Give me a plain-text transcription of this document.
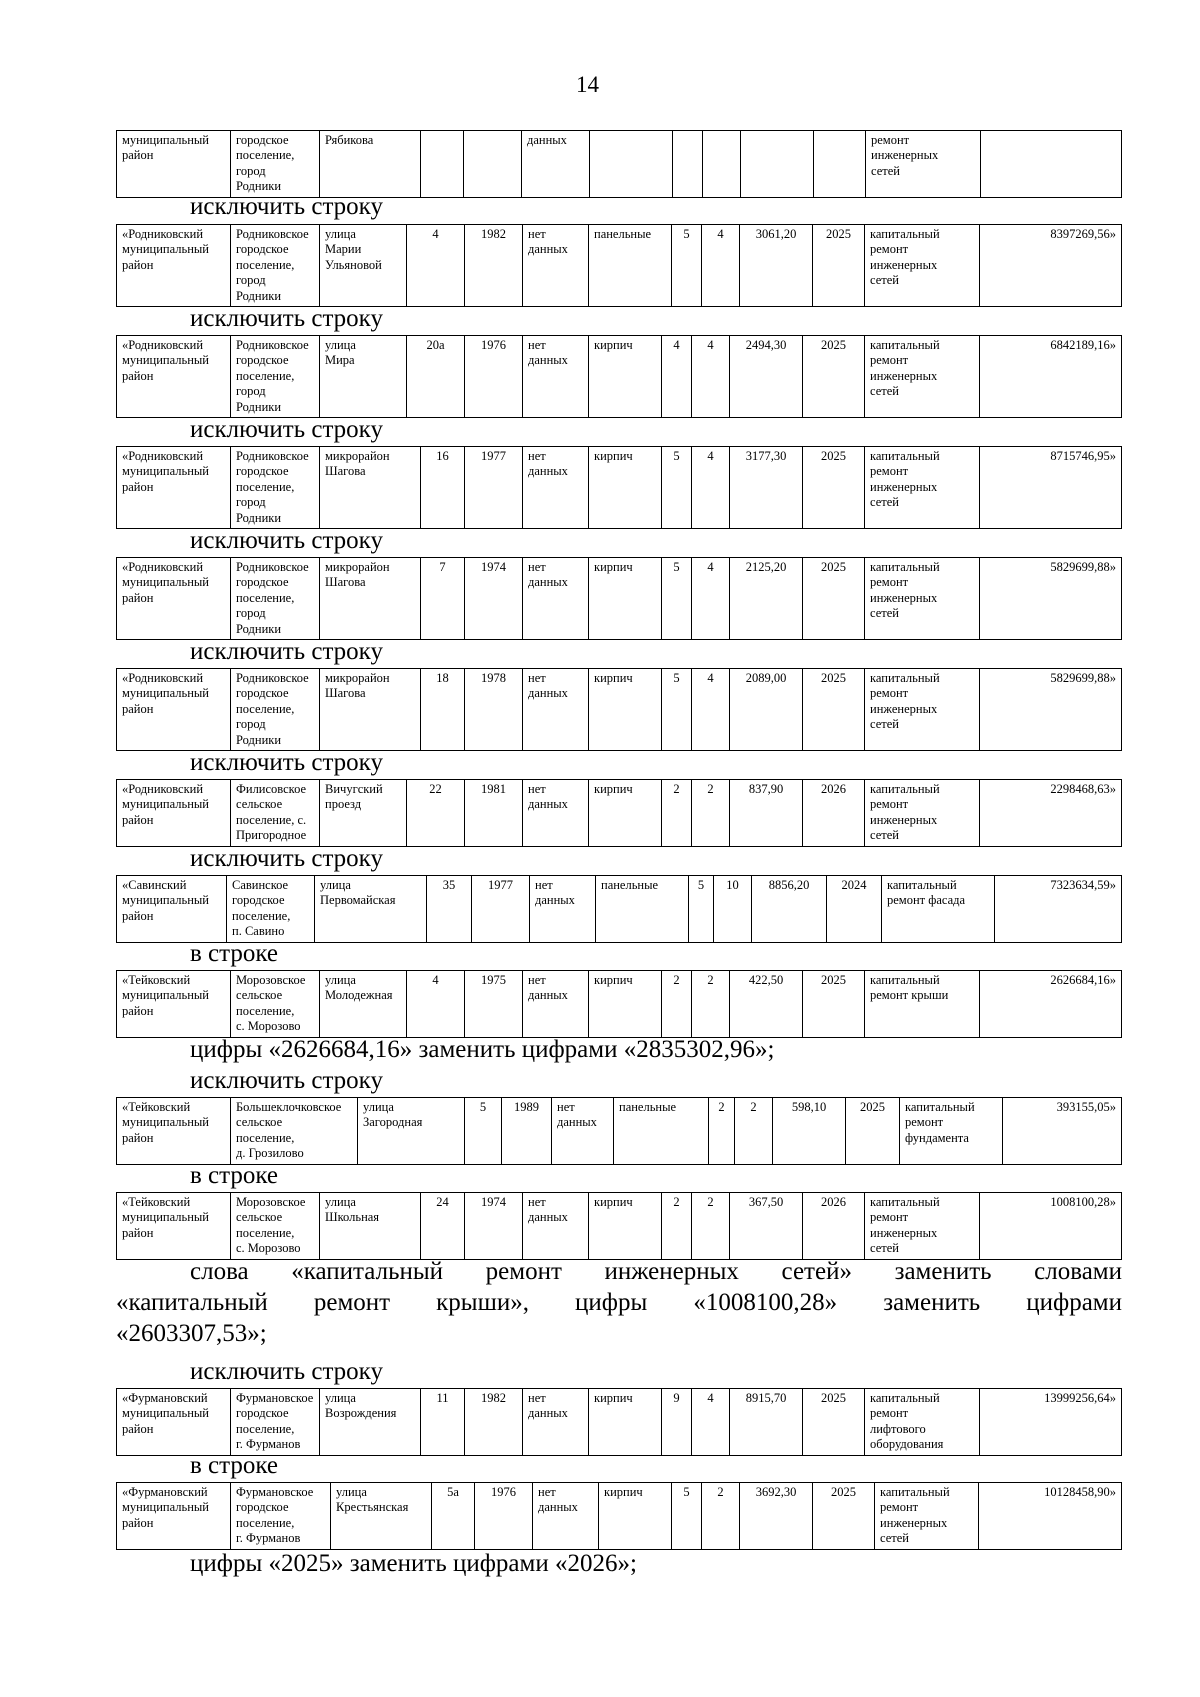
14
муниципальный
район	городское
поселение,
город
Родники	Рябикова			данных						ремонт
инженерных
сетей	
исключить строку
«Родниковский
муниципальный
район	Родниковское
городское
поселение,
город
Родники	улица
Марии
Ульяновой	4	1982	нет
данных	панельные	5	4	3061,20	2025	капитальный
ремонт
инженерных
сетей	8397269,56»
исключить строку
«Родниковский
муниципальный
район	Родниковское
городское
поселение,
город
Родники	улица
Мира	20а	1976	нет
данных	кирпич	4	4	2494,30	2025	капитальный
ремонт
инженерных
сетей	6842189,16»
исключить строку
«Родниковский
муниципальный
район	Родниковское
городское
поселение,
город
Родники	микрорайон
Шагова	16	1977	нет
данных	кирпич	5	4	3177,30	2025	капитальный
ремонт
инженерных
сетей	8715746,95»
исключить строку
«Родниковский
муниципальный
район	Родниковское
городское
поселение,
город
Родники	микрорайон
Шагова	7	1974	нет
данных	кирпич	5	4	2125,20	2025	капитальный
ремонт
инженерных
сетей	5829699,88»
исключить строку
«Родниковский
муниципальный
район	Родниковское
городское
поселение,
город
Родники	микрорайон
Шагова	18	1978	нет
данных	кирпич	5	4	2089,00	2025	капитальный
ремонт
инженерных
сетей	5829699,88»
исключить строку
«Родниковский
муниципальный
район	Филисовское
сельское
поселение, с.
Пригородное	Вичугский
проезд	22	1981	нет
данных	кирпич	2	2	837,90	2026	капитальный
ремонт
инженерных
сетей	2298468,63»
исключить строку
«Савинский
муниципальный
район	Савинское
городское
поселение,
п. Савино	улица
Первомайская	35	1977	нет
данных	панельные	5	10	8856,20	2024	капитальный
ремонт фасада	7323634,59»
в строке
«Тейковский
муниципальный
район	Морозовское
сельское
поселение,
с. Морозово	улица
Молодежная	4	1975	нет
данных	кирпич	2	2	422,50	2025	капитальный
ремонт крыши	2626684,16»
цифры «2626684,16» заменить цифрами «2835302,96»;
исключить строку
«Тейковский
муниципальный
район	Большеклочковское
сельское
поселение,
д. Грозилово	улица
Загородная	5	1989	нет
данных	панельные	2	2	598,10	2025	капитальный
ремонт
фундамента	393155,05»
в строке
«Тейковский
муниципальный
район	Морозовское
сельское
поселение,
с. Морозово	улица
Школьная	24	1974	нет
данных	кирпич	2	2	367,50	2026	капитальный
ремонт
инженерных
сетей	1008100,28»
слова «капитальный ремонт инженерных сетей» заменить словами
«капитальный ремонт крыши», цифры «1008100,28» заменить цифрами
«2603307,53»;
исключить строку
«Фурмановский
муниципальный
район	Фурмановское
городское
поселение,
г. Фурманов	улица
Возрождения	11	1982	нет
данных	кирпич	9	4	8915,70	2025	капитальный
ремонт
лифтового
оборудования	13999256,64»
в строке
«Фурмановский
муниципальный
район	Фурмановское
городское
поселение,
г. Фурманов	улица
Крестьянская	5а	1976	нет
данных	кирпич	5	2	3692,30	2025	капитальный
ремонт
инженерных
сетей	10128458,90»
цифры «2025» заменить цифрами «2026»;
